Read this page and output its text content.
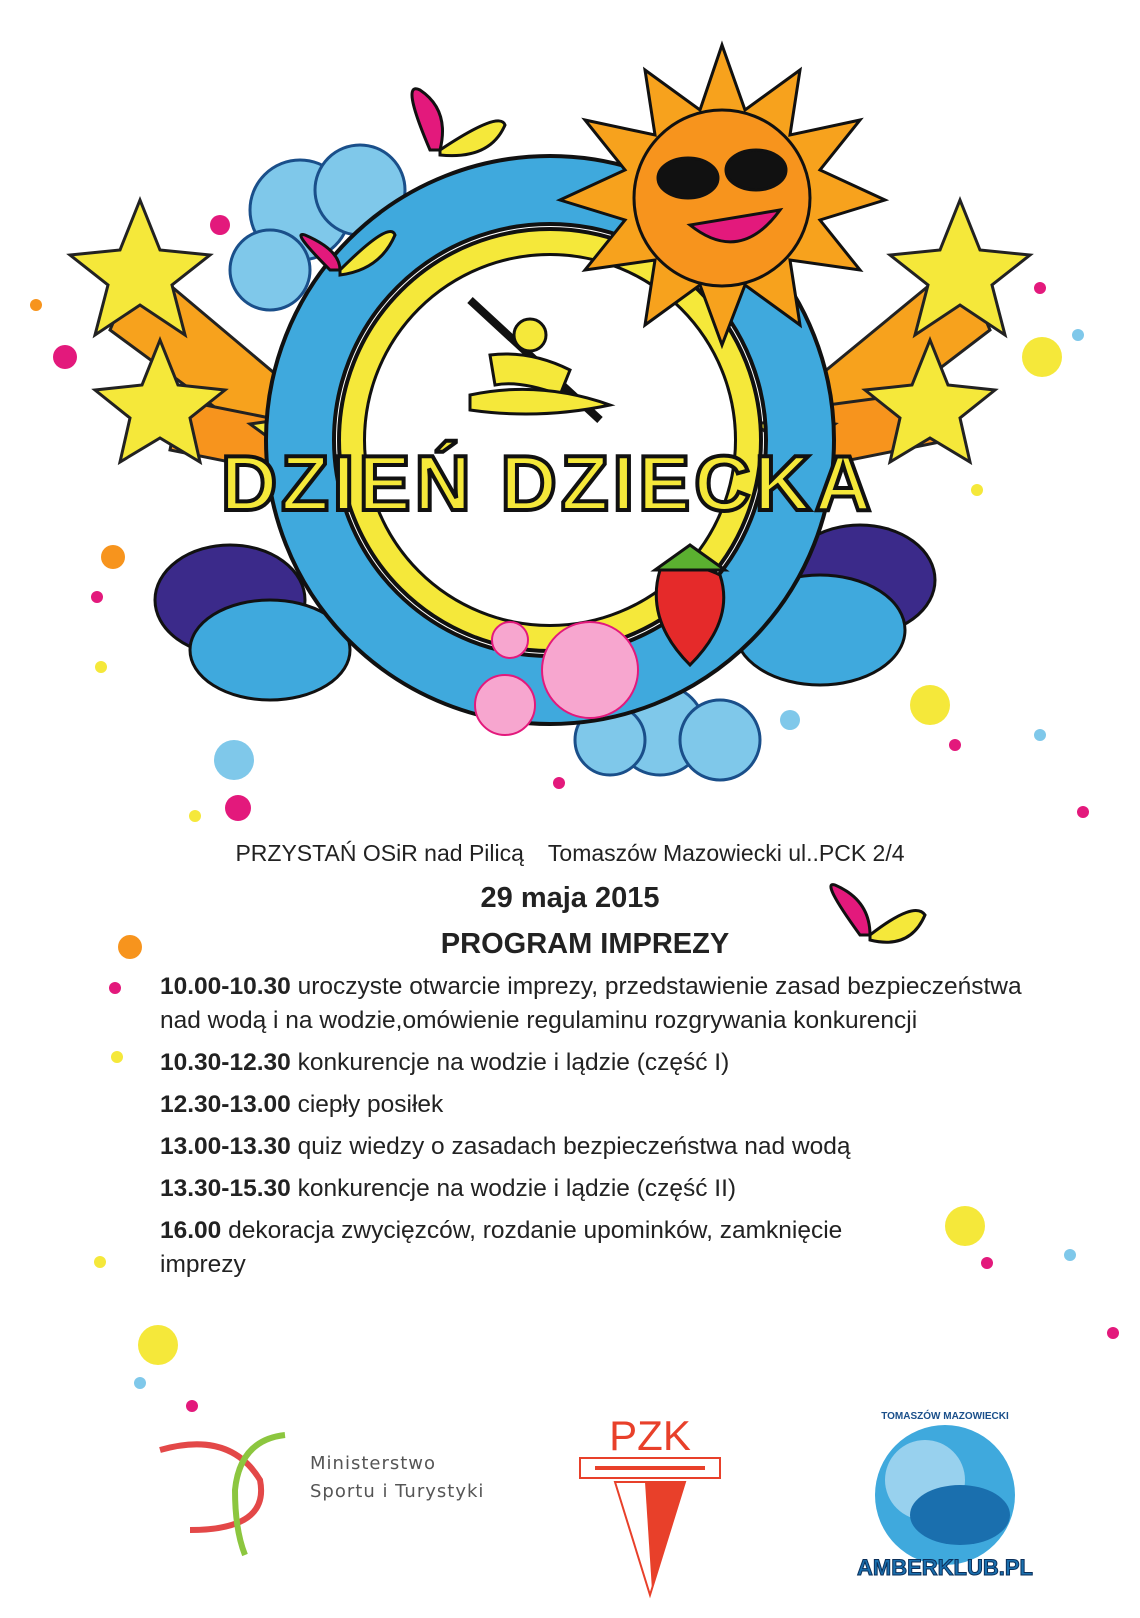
DZIEŃ DZIECKA
PRZYSTAŃ OSiR nad Pilicą Tomaszów Mazowiecki ul..PCK 2/4
29 maja 2015
PROGRAM IMPREZY
10.00-10.30 uroczyste otwarcie imprezy, przedstawienie zasad bezpieczeństwa nad wodą i na wodzie,omówienie regulaminu rozgrywania konkurencji
10.30-12.30 konkurencje na wodzie i lądzie (część I)
12.30-13.00 ciepły posiłek
13.00-13.30 quiz wiedzy o zasadach bezpieczeństwa nad wodą
13.30-15.30 konkurencje na wodzie i lądzie (część II)
16.00 dekoracja zwycięzców, rozdanie upominków, zamknięcie imprezy
Ministerstwo
Sportu i Turystyki
PZK
AMBERKLUB.PL
TOMASZÓW MAZOWIECKI
